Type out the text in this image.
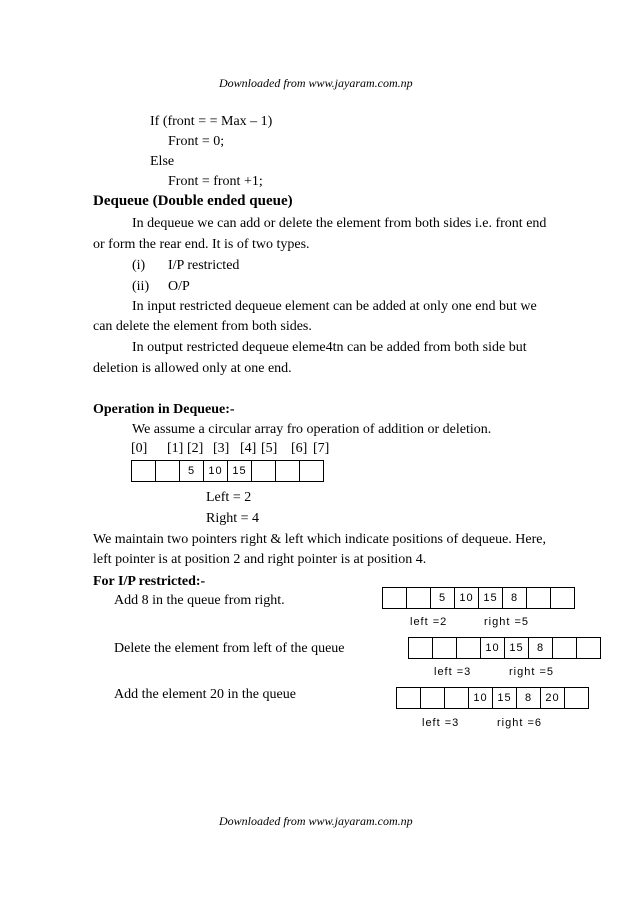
Downloaded from www.jayaram.com.np
If (front = = Max – 1)
Front = 0;
Else
Front = front +1;
Dequeue (Double ended queue)
In dequeue we can add or delete the element from both sides i.e. front end
or form the rear end. It is of two types.
(i) I/P restricted
(ii) O/P
In input restricted dequeue element can be added at only one end but we
can delete the element from both sides.
In output restricted dequeue eleme4tn can be added from both side but
deletion is allowed only at one end.
Operation in Dequeue:-
We assume a circular array fro operation of addition or deletion.
[0] [1] [2] [3] [4] [5] [6] [7]
5	10 15
Left = 2
Right = 4
We maintain two pointers right & left which indicate positions of dequeue. Here,
left pointer is at position 2 and right pointer is at position 4.
For I/P restricted:-
Add 8 in the queue from right.	5	10 15	8
left =2	right =5
Delete the element from left of the queue	10 15	8
left =3	right =5
Add the element 20 in the queue	10 15	8	20
left =3	right =6
Downloaded from www.jayaram.com.np
